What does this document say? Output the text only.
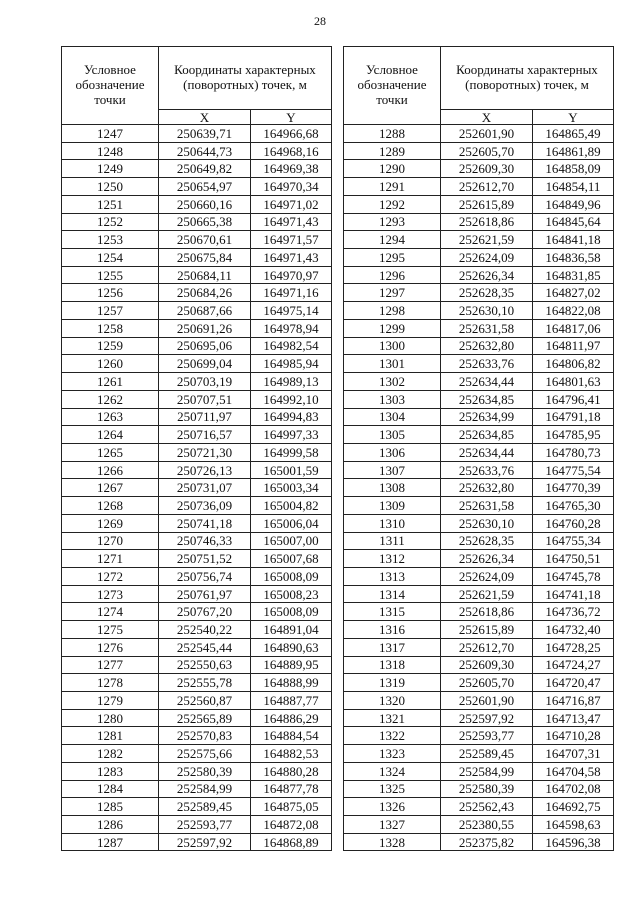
28
Условное обозначение точки	Координаты характерных (поворотных) точек, м	
	X	Y
1247	250639,71	164966,68
1248	250644,73	164968,16
1249	250649,82	164969,38
1250	250654,97	164970,34
1251	250660,16	164971,02
1252	250665,38	164971,43
1253	250670,61	164971,57
1254	250675,84	164971,43
1255	250684,11	164970,97
1256	250684,26	164971,16
1257	250687,66	164975,14
1258	250691,26	164978,94
1259	250695,06	164982,54
1260	250699,04	164985,94
1261	250703,19	164989,13
1262	250707,51	164992,10
1263	250711,97	164994,83
1264	250716,57	164997,33
1265	250721,30	164999,58
1266	250726,13	165001,59
1267	250731,07	165003,34
1268	250736,09	165004,82
1269	250741,18	165006,04
1270	250746,33	165007,00
1271	250751,52	165007,68
1272	250756,74	165008,09
1273	250761,97	165008,23
1274	250767,20	165008,09
1275	252540,22	164891,04
1276	252545,44	164890,63
1277	252550,63	164889,95
1278	252555,78	164888,99
1279	252560,87	164887,77
1280	252565,89	164886,29
1281	252570,83	164884,54
1282	252575,66	164882,53
1283	252580,39	164880,28
1284	252584,99	164877,78
1285	252589,45	164875,05
1286	252593,77	164872,08
1287	252597,92	164868,89
Условное обозначение точки	Координаты характерных (поворотных) точек, м	
	X	Y
1288	252601,90	164865,49
1289	252605,70	164861,89
1290	252609,30	164858,09
1291	252612,70	164854,11
1292	252615,89	164849,96
1293	252618,86	164845,64
1294	252621,59	164841,18
1295	252624,09	164836,58
1296	252626,34	164831,85
1297	252628,35	164827,02
1298	252630,10	164822,08
1299	252631,58	164817,06
1300	252632,80	164811,97
1301	252633,76	164806,82
1302	252634,44	164801,63
1303	252634,85	164796,41
1304	252634,99	164791,18
1305	252634,85	164785,95
1306	252634,44	164780,73
1307	252633,76	164775,54
1308	252632,80	164770,39
1309	252631,58	164765,30
1310	252630,10	164760,28
1311	252628,35	164755,34
1312	252626,34	164750,51
1313	252624,09	164745,78
1314	252621,59	164741,18
1315	252618,86	164736,72
1316	252615,89	164732,40
1317	252612,70	164728,25
1318	252609,30	164724,27
1319	252605,70	164720,47
1320	252601,90	164716,87
1321	252597,92	164713,47
1322	252593,77	164710,28
1323	252589,45	164707,31
1324	252584,99	164704,58
1325	252580,39	164702,08
1326	252562,43	164692,75
1327	252380,55	164598,63
1328	252375,82	164596,38
